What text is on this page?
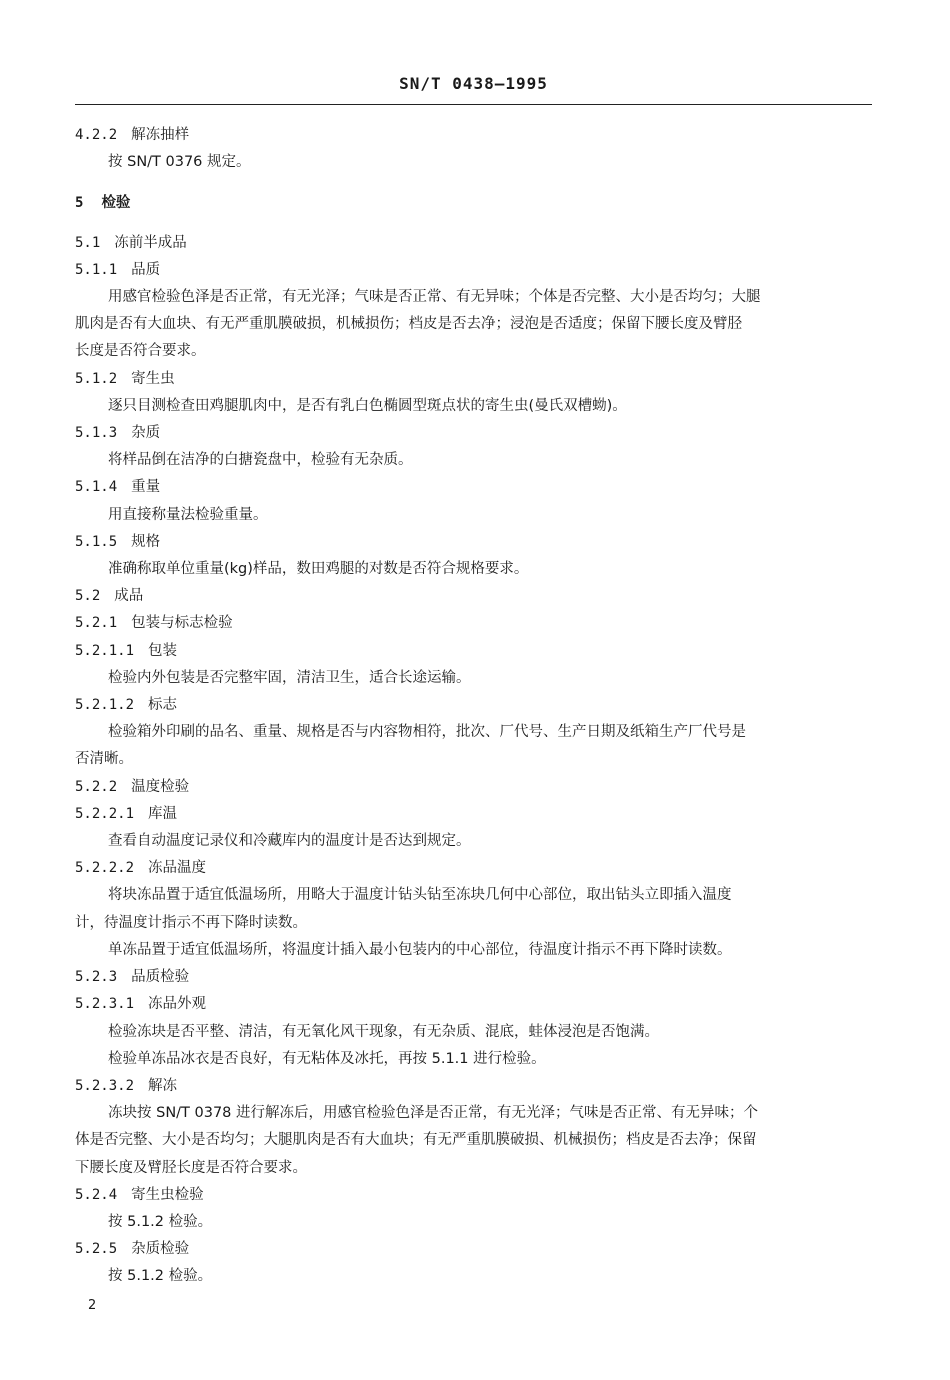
SN/T 0438—1995
4.2.2 解冻抽样
按 SN/T 0376 规定。
5 检验
5.1 冻前半成品
5.1.1 品质
用感官检验色泽是否正常，有无光泽；气味是否正常、有无异味；个体是否完整、大小是否均匀；大腿
肌肉是否有大血块、有无严重肌膜破损，机械损伤；档皮是否去净；浸泡是否适度；保留下腰长度及臂胫
长度是否符合要求。
5.1.2 寄生虫
逐只目测检查田鸡腿肌肉中，是否有乳白色椭圆型斑点状的寄生虫(曼氏双槽蚴)。
5.1.3 杂质
将样品倒在洁净的白搪瓷盘中，检验有无杂质。
5.1.4 重量
用直接称量法检验重量。
5.1.5 规格
准确称取单位重量(kg)样品，数田鸡腿的对数是否符合规格要求。
5.2 成品
5.2.1 包装与标志检验
5.2.1.1 包装
检验内外包装是否完整牢固，清洁卫生，适合长途运输。
5.2.1.2 标志
检验箱外印刷的品名、重量、规格是否与内容物相符，批次、厂代号、生产日期及纸箱生产厂代号是
否清晰。
5.2.2 温度检验
5.2.2.1 库温
查看自动温度记录仪和冷藏库内的温度计是否达到规定。
5.2.2.2 冻品温度
将块冻品置于适宜低温场所，用略大于温度计钻头钻至冻块几何中心部位，取出钻头立即插入温度
计，待温度计指示不再下降时读数。
单冻品置于适宜低温场所，将温度计插入最小包装内的中心部位，待温度计指示不再下降时读数。
5.2.3 品质检验
5.2.3.1 冻品外观
检验冻块是否平整、清洁，有无氧化风干现象，有无杂质、混底，蛙体浸泡是否饱满。
检验单冻品冰衣是否良好，有无粘体及冰托，再按 5.1.1 进行检验。
5.2.3.2 解冻
冻块按 SN/T 0378 进行解冻后，用感官检验色泽是否正常，有无光泽；气味是否正常、有无异味；个
体是否完整、大小是否均匀；大腿肌肉是否有大血块；有无严重肌膜破损、机械损伤；档皮是否去净；保留
下腰长度及臂胫长度是否符合要求。
5.2.4 寄生虫检验
按 5.1.2 检验。
5.2.5 杂质检验
按 5.1.2 检验。
2
